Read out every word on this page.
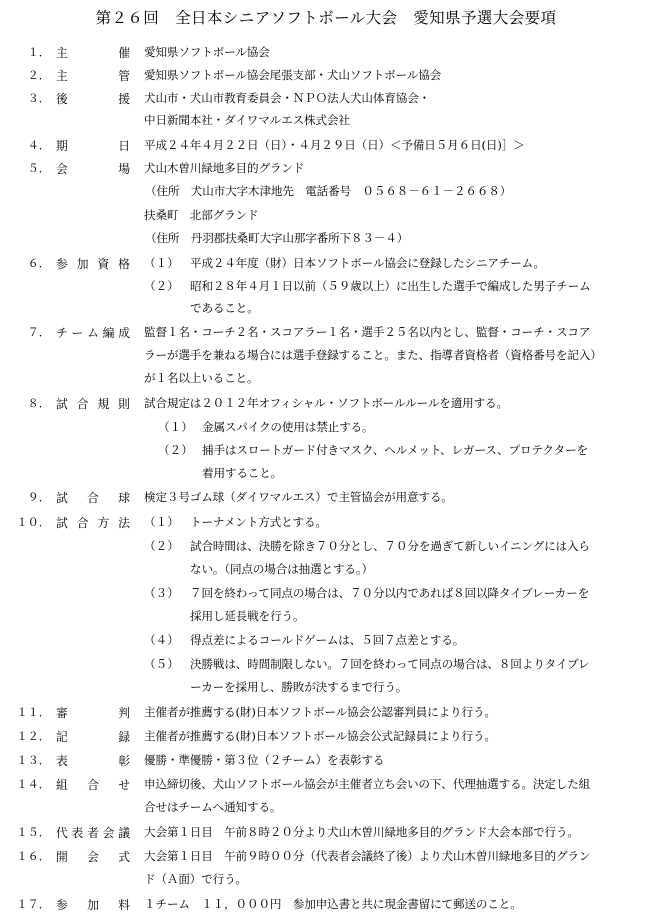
第２６回　全日本シニアソフトボール大会　愛知県予選大会要項
１． 主	催 愛知県ソフトボール協会
２． 主	管 愛知県ソフトボール協会尾張支部・犬山ソフトボール協会
３． 後	援 犬山市・犬山市教育委員会・ＮＰＯ法人犬山体育協会・
中日新聞本社・ダイワマルエス株式会社
４． 期	日 平成２４年４月２２日（日）・４月２９日（日）＜予備日５月６日(日)］＞
５． 会	場 犬山木曽川緑地多目的グランド
（住所　犬山市大字木津地先　電話番号　０５６８－６１－２６６８）
扶桑町　北部グランド
（住所　丹羽郡扶桑町大字山那字番所下８３－４）
６． 参 加 資 格 （１） 平成２４年度（財）日本ソフトボール協会に登録したシニアチーム。
（２） 昭和２８年４月１日以前（５９歳以上）に出生した選手で編成した男子チーム
であること。
７． チ ー ム 編 成 監督１名・コーチ２名・スコアラー１名・選手２５名以内とし、監督・コーチ・スコア
ラーが選手を兼ねる場合には選手登録すること。また、指導者資格者（資格番号を記入）
が１名以上いること。
８． 試 合 規 則 試合規定は２０１２年オフィシャル・ソフトボールルールを適用する。
（１） 金属スパイクの使用は禁止する。
（２） 捕手はスロートガード付きマスク、ヘルメット、レガース、プロテクターを
着用すること。
９． 試 合 球 検定３号ゴム球（ダイワマルエス）で主管協会が用意する。
１０． 試 合 方 法 （１） トーナメント方式とする。
（２） 試合時間は、決勝を除き７０分とし、７０分を過ぎて新しいイニングには入ら
ない。（同点の場合は抽選とする。）
（３） ７回を終わって同点の場合は、７０分以内であれば８回以降タイブレーカーを
採用し延長戦を行う。
（４） 得点差によるコールドゲームは、５回７点差とする。
（５） 決勝戦は、時間制限しない。７回を終わって同点の場合は、８回よりタイブレ
ーカーを採用し、勝敗が決するまで行う。
１１． 審	判 主催者が推薦する(財)日本ソフトボール協会公認審判員により行う。
１２． 記	録 主催者が推薦する(財)日本ソフトボール協会公式記録員により行う。
１３． 表	彰 優勝・準優勝・第３位（２チーム）を表彰する
１４． 組 合 せ 申込締切後、犬山ソフトボール協会が主催者立ち会いの下、代理抽選する。決定した組
合せはチームへ通知する。
１５． 代 表 者 会 議 大会第１日目　午前８時２０分より犬山木曽川緑地多目的グランド大会本部で行う。
１６． 開 会 式 大会第１日目　午前９時００分（代表者会議終了後）より犬山木曽川緑地多目的グラン
ド（Ａ面）で行う。
１７． 参 加 料 １チーム　１１，０００円　参加申込書と共に現金書留にて郵送のこと。
